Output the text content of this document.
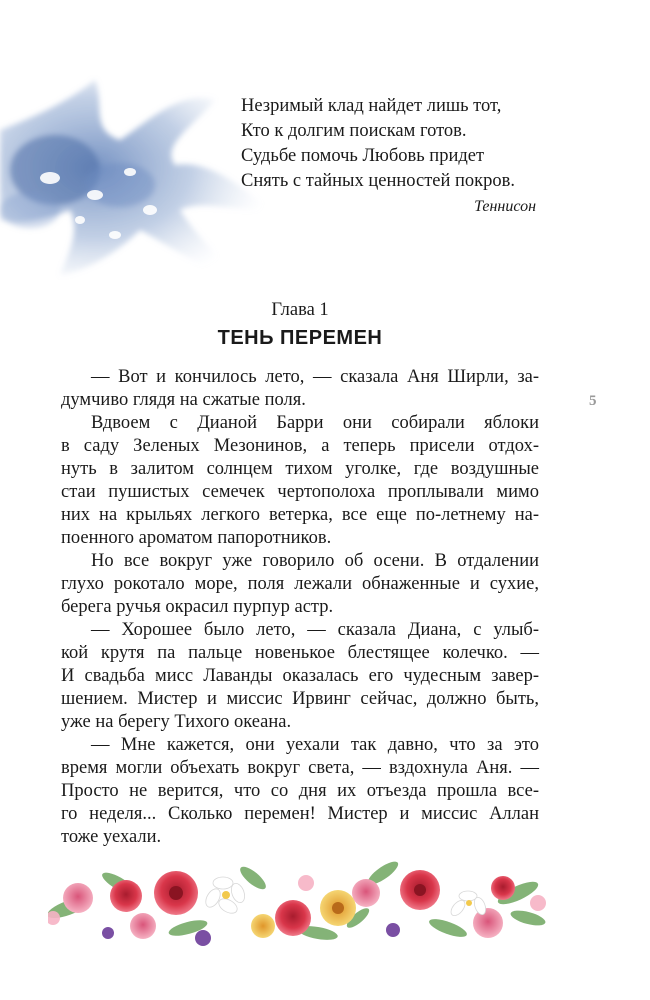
Незримый клад найдет лишь тот,
Кто к долгим поискам готов.
Судьбе помочь Любовь придет
Снять с тайных ценностей покров.
Теннисон
Глава 1
ТЕНЬ ПЕРЕМЕН
5
— Вот и кончилось лето, — сказала Аня Ширли, за-
думчиво глядя на сжатые поля.
Вдвоем с Дианой Барри они собирали яблоки
в саду Зеленых Мезонинов, а теперь присели отдох-
нуть в залитом солнцем тихом уголке, где воздушные
стаи пушистых семечек чертополоха проплывали мимо
них на крыльях легкого ветерка, все еще по-летнему на-
поенного ароматом папоротников.
Но все вокруг уже говорило об осени. В отдалении
глухо рокотало море, поля лежали обнаженные и сухие,
берега ручья окрасил пурпур астр.
— Хорошее было лето, — сказала Диана, с улыб-
кой крутя па пальце новенькое блестящее колечко. —
И свадьба мисс Лаванды оказалась его чудесным завер-
шением. Мистер и миссис Ирвинг сейчас, должно быть,
уже на берегу Тихого океана.
— Мне кажется, они уехали так давно, что за это
время могли объехать вокруг света, — вздохнула Аня. —
Просто не верится, что со дня их отъезда прошла все-
го неделя... Сколько перемен! Мистер и миссис Аллан
тоже уехали.
